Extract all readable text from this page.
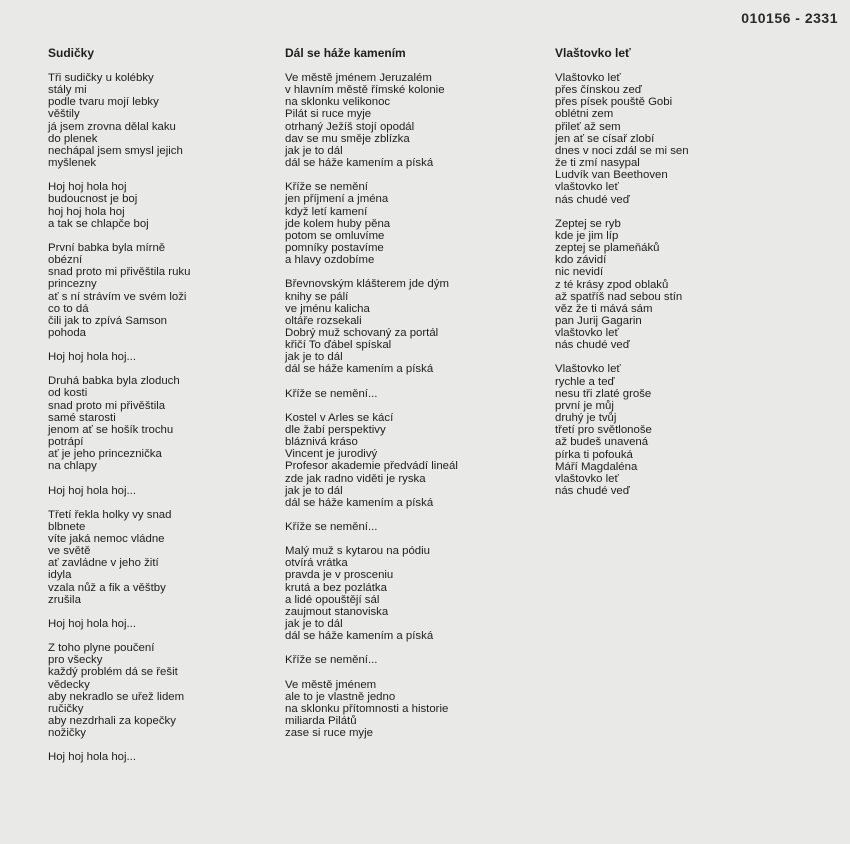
010156 - 2331
Sudičky
Tři sudičky u kolébky
stály mi
podle tvaru mojí lebky
věštily
já jsem zrovna dělal kaku
do plenek
nechápal jsem smysl jejich
myšlenek
Hoj hoj hola hoj
budoucnost je boj
hoj hoj hola hoj
a tak se chlapče boj
První babka byla mírně
obézní
snad proto mi přivěštila ruku
princezny
ať s ní strávím ve svém loži
co to dá
čili jak to zpívá Samson
pohoda
Hoj hoj hola hoj...
Druhá babka byla zloduch
od kosti
snad proto mi přivěštila
samé starosti
jenom ať se hošík trochu
potrápí
ať je jeho princeznička
na chlapy
Hoj hoj hola hoj...
Třetí řekla holky vy snad
blbnete
víte jaká nemoc vládne
ve světě
ať zavládne v jeho žití
idyla
vzala nůž a fik a věštby
zrušila
Hoj hoj hola hoj...
Z toho plyne poučení
pro všecky
každý problém dá se řešit
vědecky
aby nekradlo se uřež lidem
ručičky
aby nezdrhali za kopečky
nožičky
Hoj hoj hola hoj...
Dál se háže kamením
Ve městě jménem Jeruzalém
v hlavním městě římské kolonie
na sklonku velikonoc
Pilát si ruce myje
otrhaný Ježíš stojí opodál
dav se mu směje zblízka
jak je to dál
dál se háže kamením a píská
Kříže se nemění
jen příjmení a jména
když letí kamení
jde kolem huby pěna
potom se omluvíme
pomníky postavíme
a hlavy ozdobíme
Břevnovským klášterem jde dým
knihy se pálí
ve jménu kalicha
oltáře rozsekali
Dobrý muž schovaný za portál
křičí To ďábel spískal
jak je to dál
dál se háže kamením a píská
Kříže se nemění...
Kostel v Arles se kácí
dle žabí perspektivy
bláznivá kráso
Vincent je jurodivý
Profesor akademie předvádí lineál
zde jak radno viděti je ryska
jak je to dál
dál se háže kamením a píská
Kříže se nemění...
Malý muž s kytarou na pódiu
otvírá vrátka
pravda je v prosceniu
krutá a bez pozlátka
a lidé opouštějí sál
zaujmout stanoviska
jak je to dál
dál se háže kamením a píská
Kříže se nemění...
Ve městě jménem
ale to je vlastně jedno
na sklonku přítomnosti a historie
miliarda Pilátů
zase si ruce myje
Vlaštovko leť
Vlaštovko leť
přes čínskou zeď
přes písek pouště Gobi
oblétni zem
přileť až sem
jen ať se císař zlobí
dnes v noci zdál se mi sen
že ti zmí nasypal
Ludvík van Beethoven
vlaštovko leť
nás chudé veď
Zeptej se ryb
kde je jim líp
zeptej se plameňáků
kdo závidí
nic nevidí
z té krásy zpod oblaků
až spatříš nad sebou stín
věz že ti mává sám
pan Jurij Gagarin
vlaštovko leť
nás chudé veď
Vlaštovko leť
rychle a teď
nesu tři zlaté groše
první je můj
druhý je tvůj
třetí pro světlonoše
až budeš unavená
pírka ti pofouká
Máří Magdaléna
vlaštovko leť
nás chudé veď
